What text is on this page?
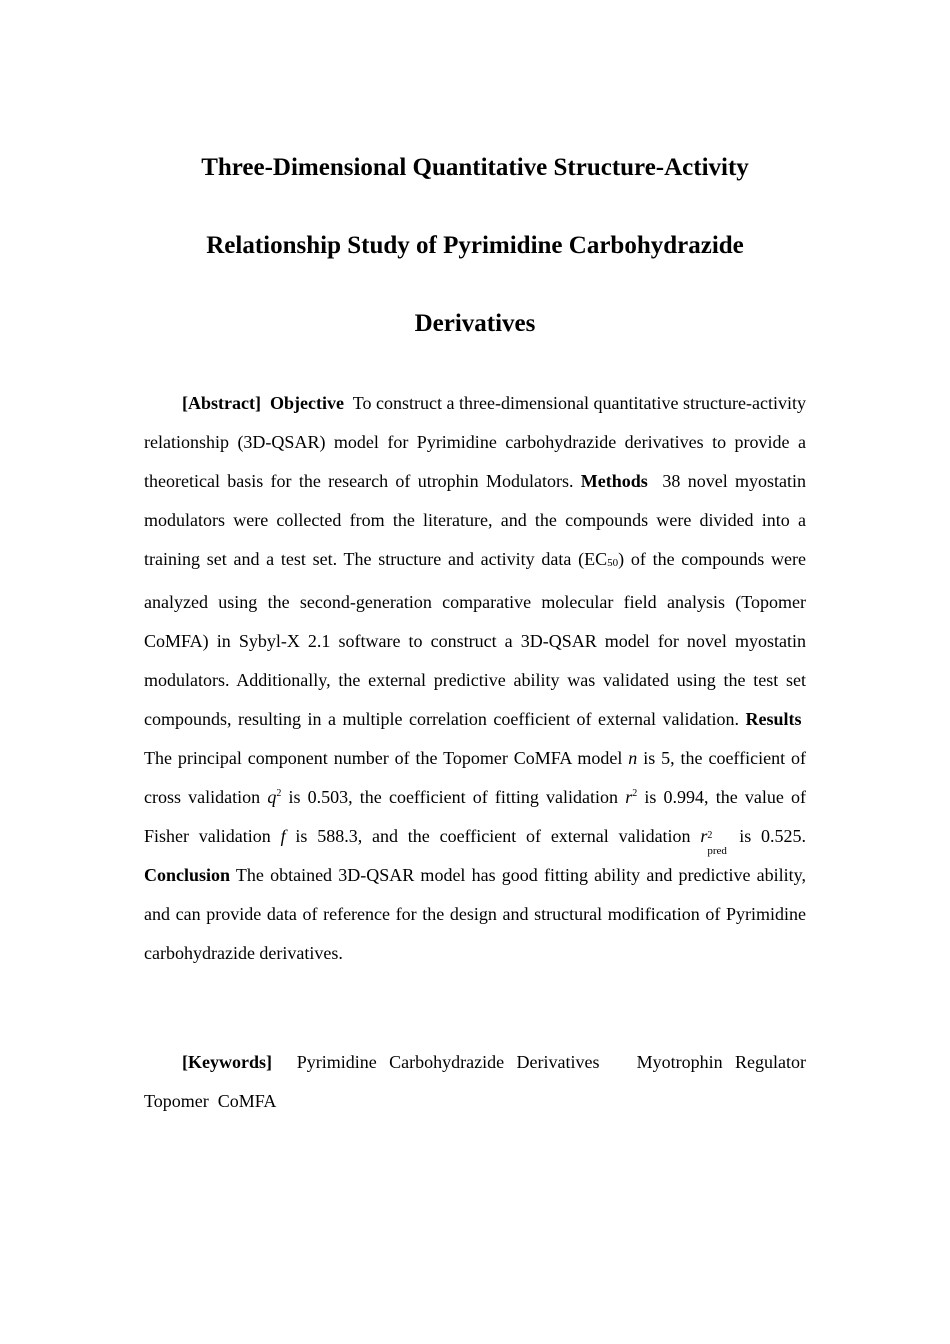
Three-Dimensional Quantitative Structure-Activity
Relationship Study of Pyrimidine Carbohydrazide
Derivatives

[Abstract] Objective To construct a three-dimensional quantitative structure-activity relationship (3D-QSAR) model for Pyrimidine carbohydrazide derivatives to provide a theoretical basis for the research of utrophin Modulators. Methods 38 novel myostatin modulators were collected from the literature, and the compounds were divided into a training set and a test set. The structure and activity data (EC50) of the compounds were analyzed using the second-generation comparative molecular field analysis (Topomer CoMFA) in Sybyl-X 2.1 software to construct a 3D-QSAR model for novel myostatin modulators. Additionally, the external predictive ability was validated using the test set compounds, resulting in a multiple correlation coefficient of external validation. Results  The principal component number of the Topomer CoMFA model n is 5, the coefficient of cross validation $q^2$ is 0.503, the coefficient of fitting validation $r^2$ is 0.994, the value of Fisher validation f is 588.3, and the coefficient of external validation r 2
pred
is 0.525. Conclusion The obtained 3D-QSAR model has good fitting ability and predictive ability, and can provide data of reference for the design and structural modification of Pyrimidine carbohydrazide derivatives.

[Keywords] Pyrimidine Carbohydrazide Derivatives   Myotrophin Regulator   Topomer  CoMFA
